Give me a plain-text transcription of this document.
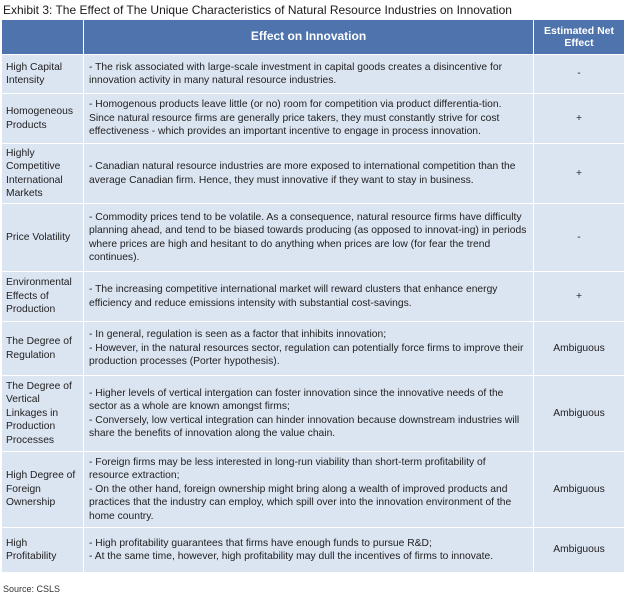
Exhibit 3: The Effect of The Unique Characteristics of Natural Resource Industries on Innovation
	Effect on Innovation	Estimated Net Effect
High Capital Intensity	- The risk associated with large-scale investment in capital goods creates a disincentive for innovation activity in many natural resource industries.	-
Homogeneous Products	- Homogenous products leave little (or no) room for competition via product differentia-tion. Since natural resource firms are generally price takers, they must constantly strive for cost effectiveness - which provides an important incentive to engage in process innovation.	+
Highly Competitive International Markets	- Canadian natural resource industries are more exposed to international competition than the average Canadian firm. Hence, they must innovative if they want to stay in business.	+
Price Volatility	- Commodity prices tend to be volatile. As a consequence, natural resource firms have difficulty planning ahead, and tend to be biased towards producing (as opposed to innovat-ing) in periods where prices are high and hesitant to do anything when prices are low (for fear the trend continues).	-
Environmental Effects of Production	- The increasing competitive international market will reward clusters that enhance energy efficiency and reduce emissions intensity with substantial cost-savings.	+
The Degree of Regulation	- In general, regulation is seen as a factor that inhibits innovation;
- However, in the natural resources sector, regulation can potentially force firms to improve their production processes (Porter hypothesis).	Ambiguous
The Degree of Vertical Linkages in Production Processes	- Higher levels of vertical intergation can foster innovation since the innovative needs of the sector as a whole are known amongst firms;
- Conversely, low vertical integration can hinder innovation because downstream industries will share the benefits of innovation along the value chain.	Ambiguous
High Degree of Foreign Ownership	- Foreign firms may be less interested in long-run viability than short-term profitability of resource extraction;
- On the other hand, foreign ownership might bring along a wealth of improved products and practices that the industry can employ, which spill over into the innovation environment of the home country.	Ambiguous
High Profitability	- High profitability guarantees that firms have enough funds to pursue R&D;
- At the same time, however, high profitability may dull the incentives of firms to innovate.	Ambiguous
Source: CSLS
